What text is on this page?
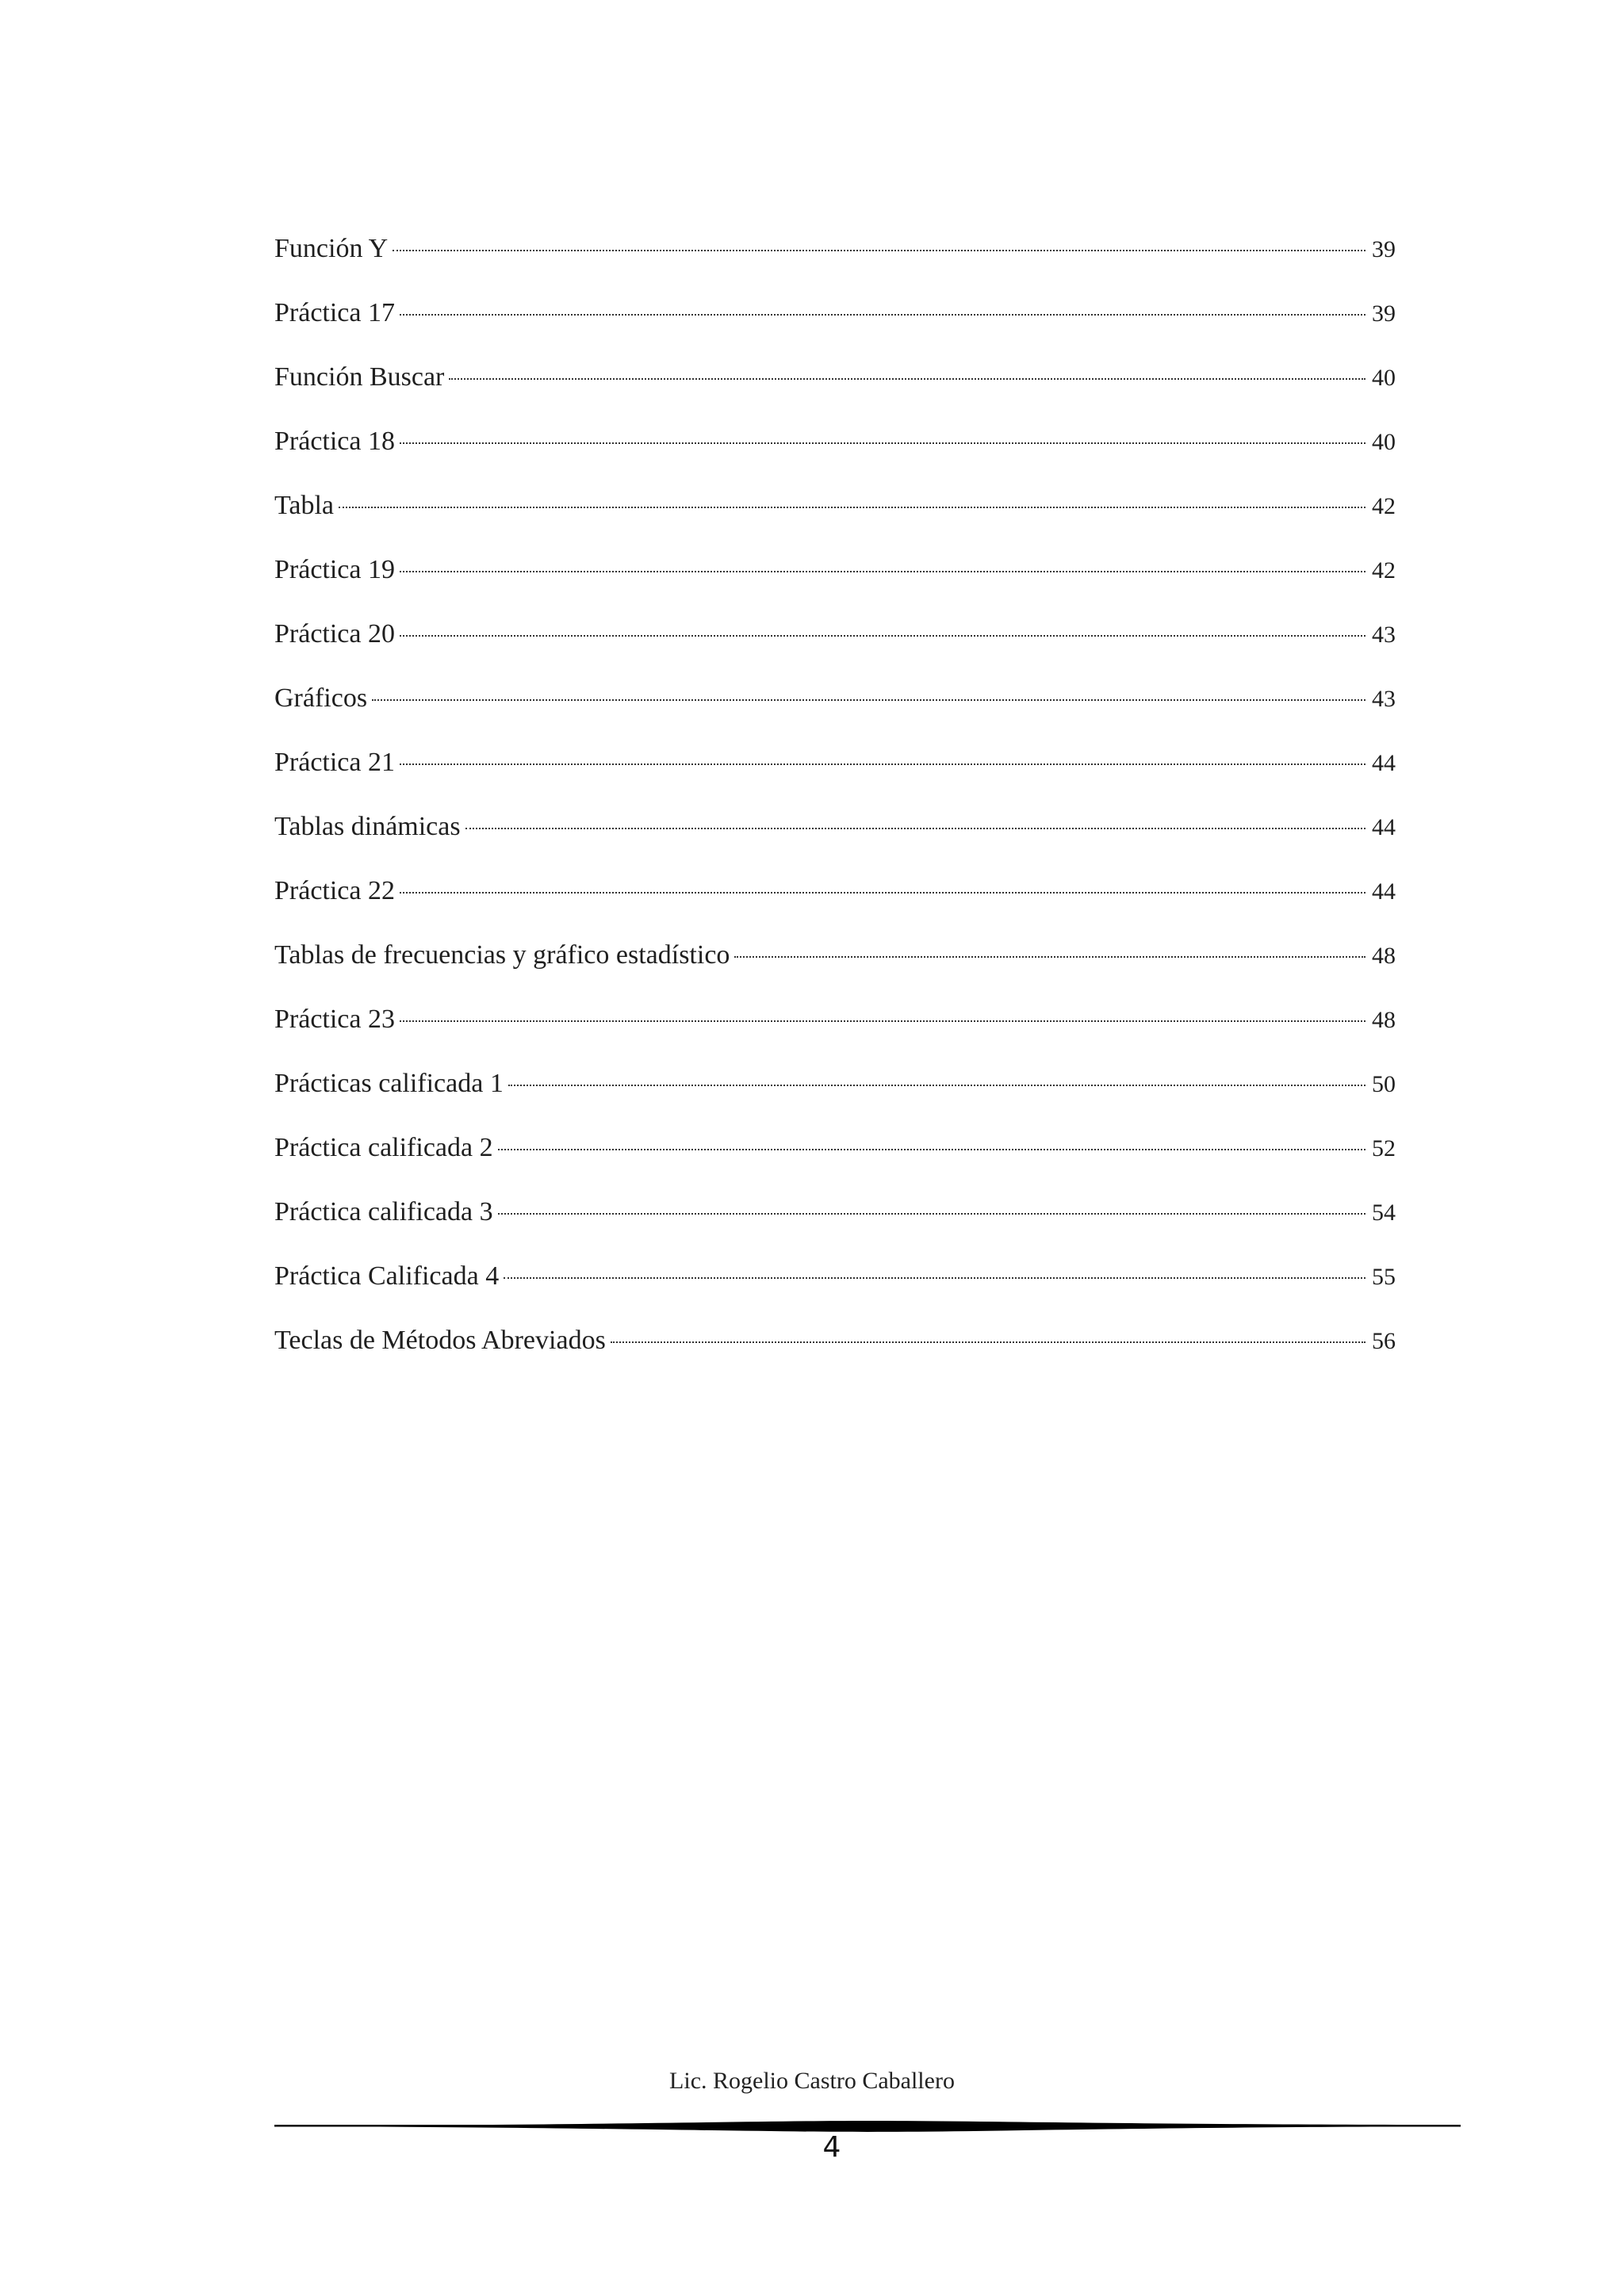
Función Y	39
Práctica 17	39
Función Buscar	40
Práctica 18	40
Tabla	42
Práctica 19	42
Práctica 20	43
Gráficos	43
Práctica 21	44
Tablas dinámicas	44
Práctica 22	44
Tablas de frecuencias y gráfico estadístico	48
Práctica 23	48
Prácticas calificada 1	50
Práctica calificada 2	52
Práctica calificada 3	54
Práctica Calificada 4	55
Teclas de Métodos Abreviados	56
Lic. Rogelio Castro Caballero
4
